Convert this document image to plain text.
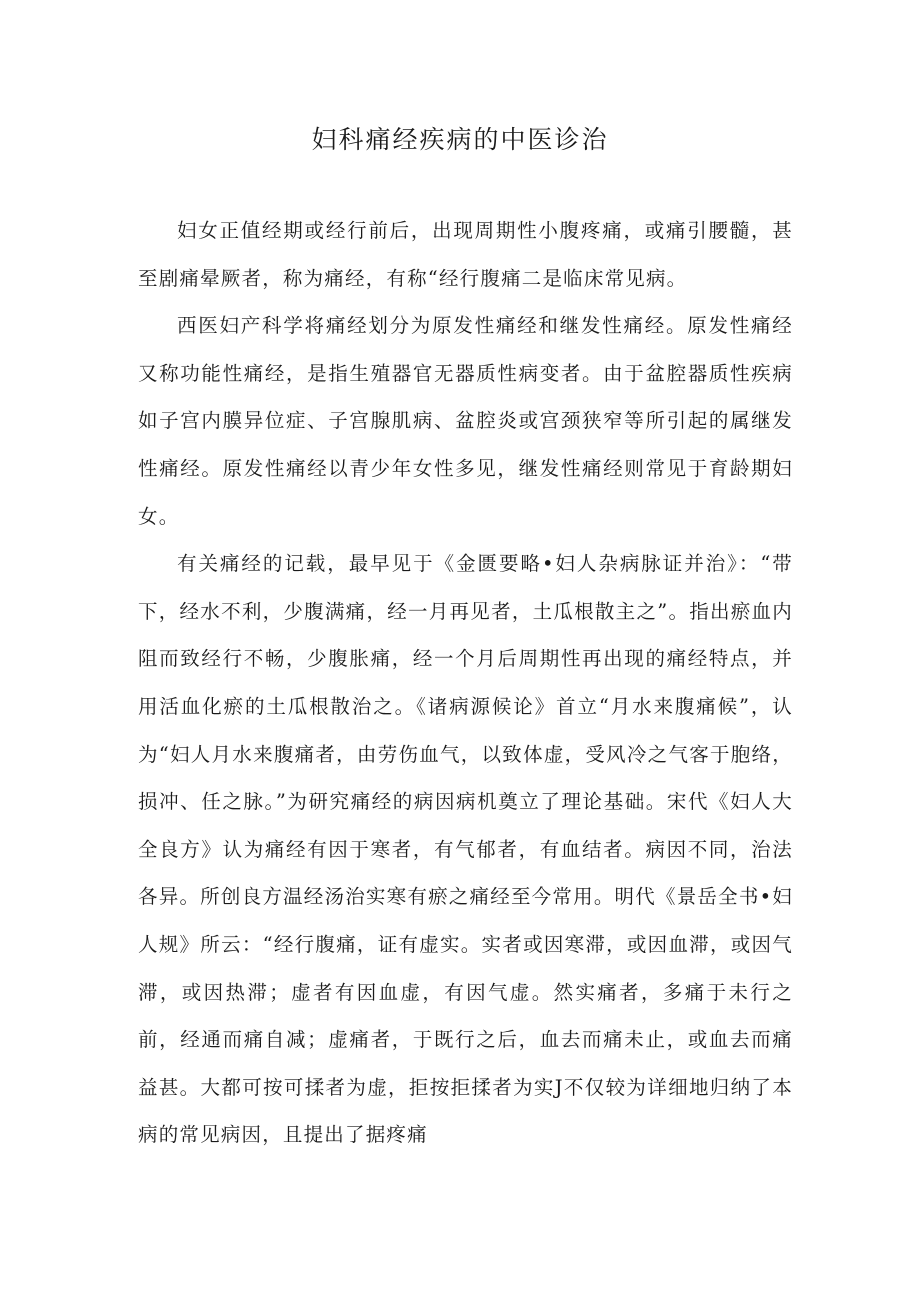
妇科痛经疾病的中医诊治

妇女正值经期或经行前后，出现周期性小腹疼痛，或痛引腰髓，甚至剧痛晕厥者，称为痛经，有称“经行腹痛二是临床常见病。

西医妇产科学将痛经划分为原发性痛经和继发性痛经。原发性痛经又称功能性痛经，是指生殖器官无器质性病变者。由于盆腔器质性疾病如子宫内膜异位症、子宫腺肌病、盆腔炎或宫颈狭窄等所引起的属继发性痛经。原发性痛经以青少年女性多见，继发性痛经则常见于育龄期妇女。

有关痛经的记载，最早见于《金匮要略•妇人杂病脉证并治》：“带下，经水不利，少腹满痛，经一月再见者，土瓜根散主之”。指出瘀血内阻而致经行不畅，少腹胀痛，经一个月后周期性再出现的痛经特点，并用活血化瘀的土瓜根散治之。《诸病源候论》首立“月水来腹痛候”，认为“妇人月水来腹痛者，由劳伤血气，以致体虚，受风冷之气客于胞络，损冲、任之脉。”为研究痛经的病因病机奠立了理论基础。宋代《妇人大全良方》认为痛经有因于寒者，有气郁者，有血结者。病因不同，治法各异。所创良方温经汤治实寒有瘀之痛经至今常用。明代《景岳全书•妇人规》所云：“经行腹痛，证有虚实。实者或因寒滞，或因血滞，或因气滞，或因热滞；虚者有因血虚，有因气虚。然实痛者，多痛于未行之前，经通而痛自减；虚痛者，于既行之后，血去而痛未止，或血去而痛益甚。大都可按可揉者为虚，拒按拒揉者为实J不仅较为详细地归纳了本病的常见病因，且提出了据疼痛
